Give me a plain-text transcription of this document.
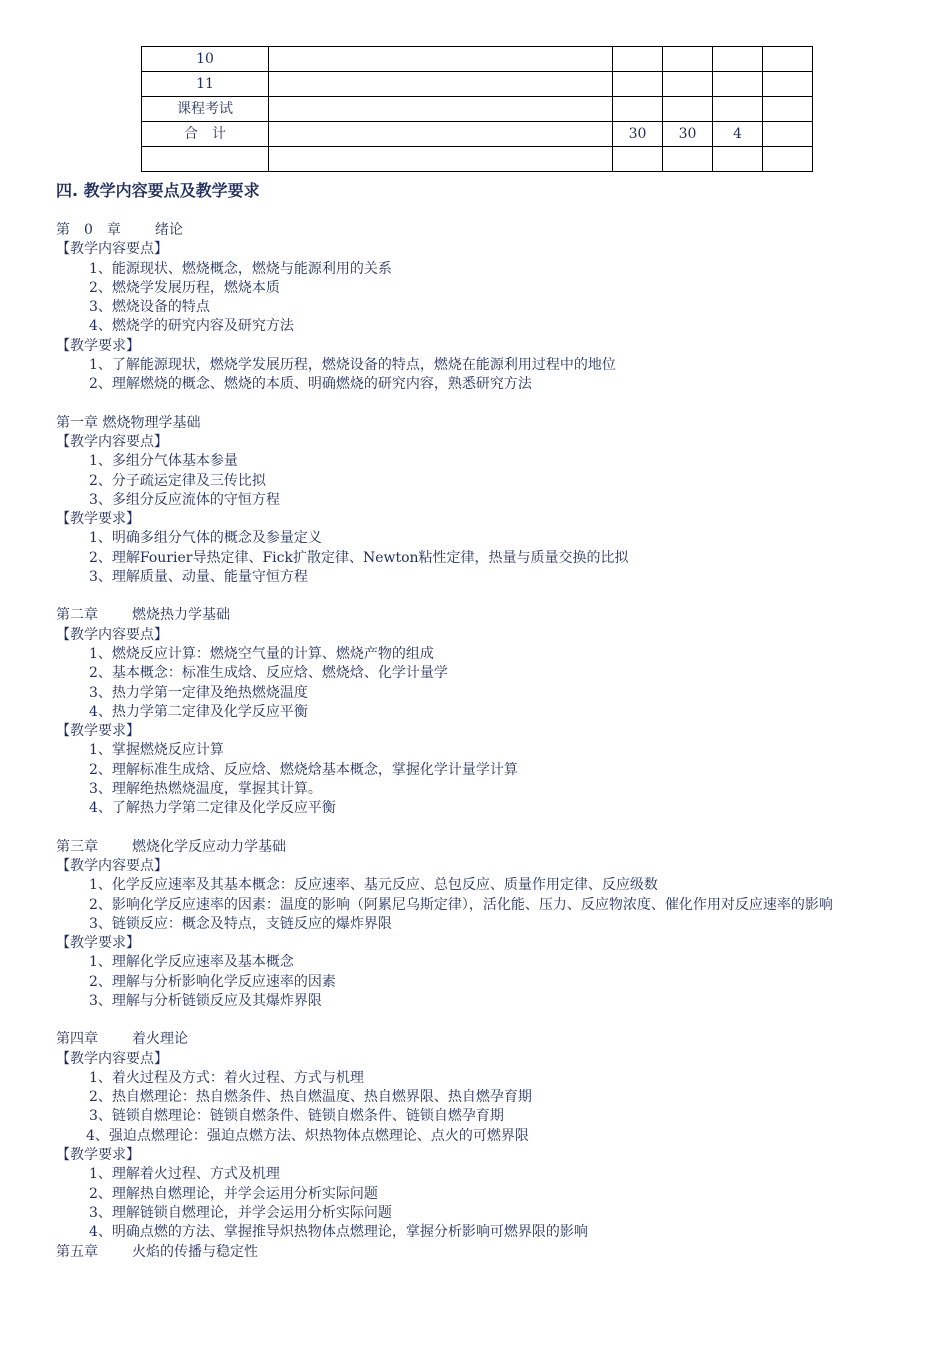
10					
11					
课程考试					
合　计		30	30	4	

四. 教学内容要点及教学要求
第　0　章 绪论
【教学内容要点】
1、能源现状、燃烧概念，燃烧与能源利用的关系
2、燃烧学发展历程，燃烧本质
3、燃烧设备的特点
4、燃烧学的研究内容及研究方法
【教学要求】
1、了解能源现状，燃烧学发展历程，燃烧设备的特点，燃烧在能源利用过程中的地位
2、理解燃烧的概念、燃烧的本质、明确燃烧的研究内容，熟悉研究方法
第一章 燃烧物理学基础
【教学内容要点】
1、多组分气体基本参量
2、分子疏运定律及三传比拟
3、多组分反应流体的守恒方程
【教学要求】
1、明确多组分气体的概念及参量定义
2、理解Fourier导热定律、Fick扩散定律、Newton粘性定律，热量与质量交换的比拟
3、理解质量、动量、能量守恒方程
第二章 燃烧热力学基础
【教学内容要点】
1、燃烧反应计算：燃烧空气量的计算、燃烧产物的组成
2、基本概念：标准生成焓、反应焓、燃烧焓、化学计量学
3、热力学第一定律及绝热燃烧温度
4、热力学第二定律及化学反应平衡
【教学要求】
1、掌握燃烧反应计算
2、理解标准生成焓、反应焓、燃烧焓基本概念，掌握化学计量学计算
3、理解绝热燃烧温度，掌握其计算。
4、了解热力学第二定律及化学反应平衡
第三章 燃烧化学反应动力学基础
【教学内容要点】
1、化学反应速率及其基本概念：反应速率、基元反应、总包反应、质量作用定律、反应级数
2、影响化学反应速率的因素：温度的影响（阿累尼乌斯定律），活化能、压力、反应物浓度、催化作用对反应速率的影响
3、链锁反应：概念及特点，支链反应的爆炸界限
【教学要求】
1、理解化学反应速率及基本概念
2、理解与分析影响化学反应速率的因素
3、理解与分析链锁反应及其爆炸界限
第四章 着火理论
【教学内容要点】
1、着火过程及方式：着火过程、方式与机理
2、热自燃理论：热自燃条件、热自燃温度、热自燃界限、热自燃孕育期
3、链锁自燃理论：链锁自燃条件、链锁自燃条件、链锁自燃孕育期
4、强迫点燃理论：强迫点燃方法、炽热物体点燃理论、点火的可燃界限
【教学要求】
1、理解着火过程、方式及机理
2、理解热自燃理论，并学会运用分析实际问题
3、理解链锁自燃理论，并学会运用分析实际问题
4、明确点燃的方法、掌握推导炽热物体点燃理论，掌握分析影响可燃界限的影响
第五章 火焰的传播与稳定性
